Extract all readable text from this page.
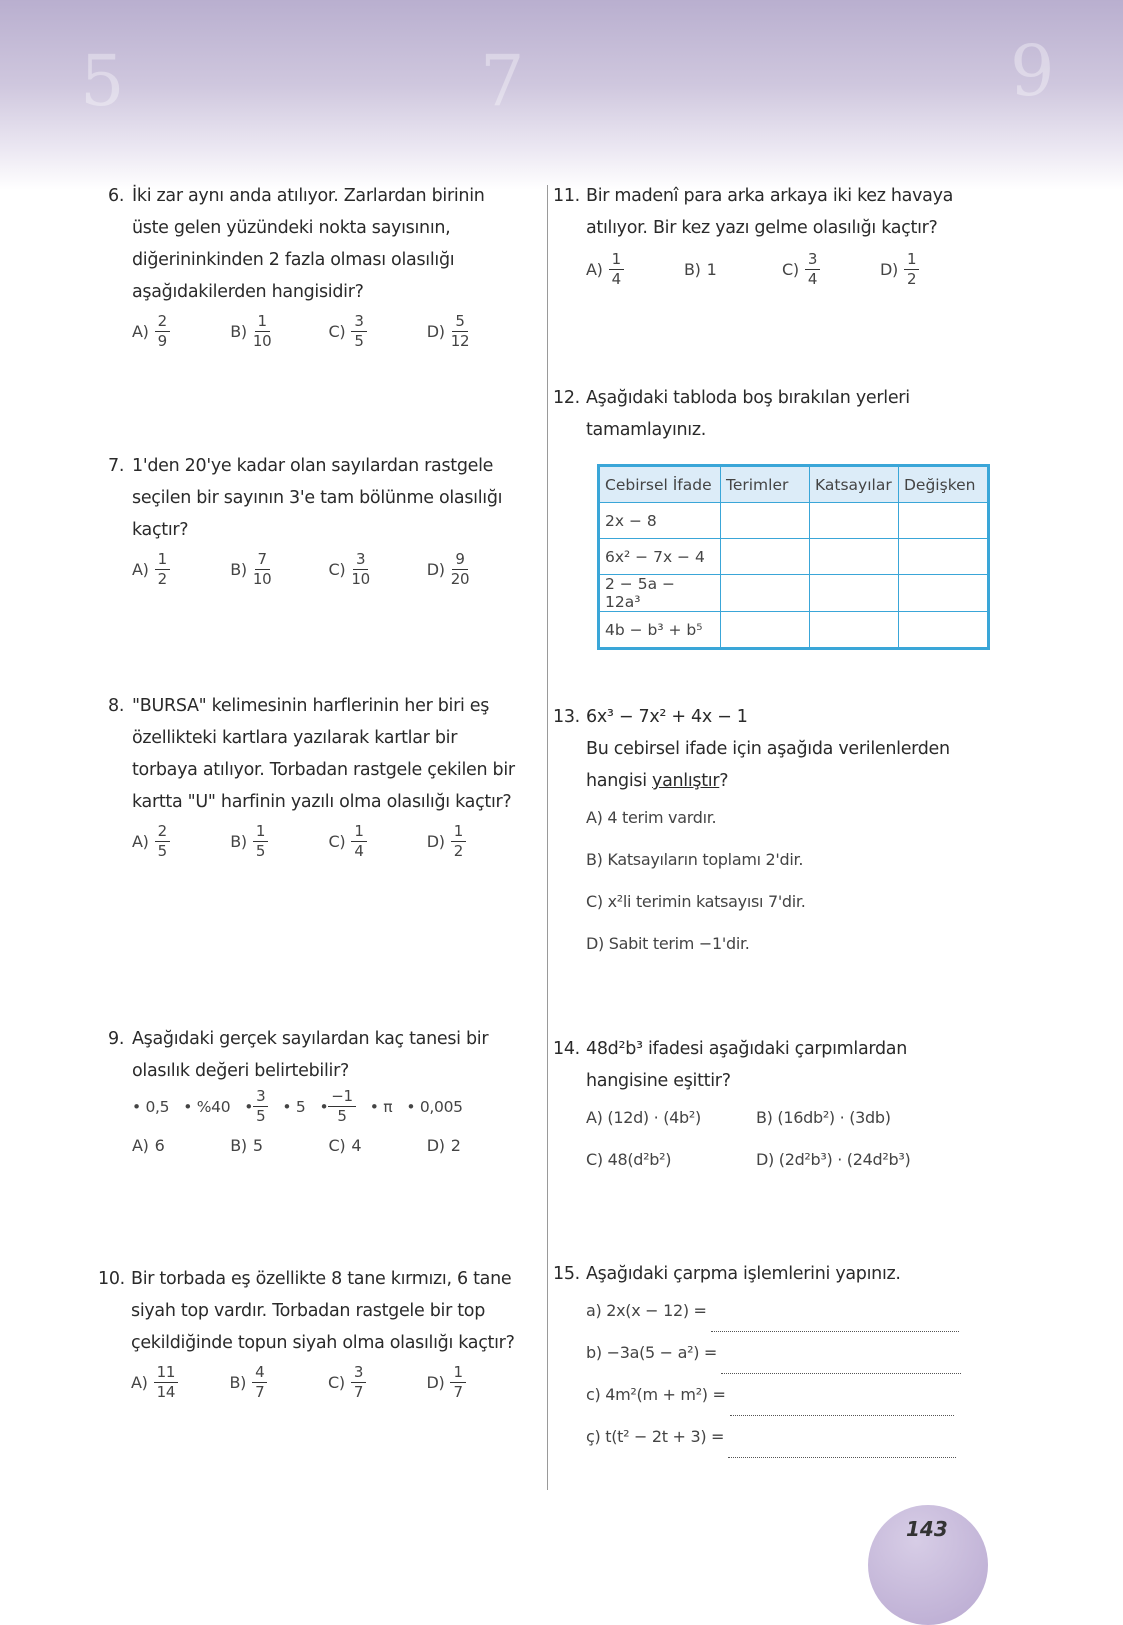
5	7	9
6. İki zar aynı anda atılıyor. Zarlardan birinin üste gelen yüzündeki nokta sayısının, diğerininkinden 2 fazla olması olasılığı aşağıdakilerden hangisidir?
$A) \frac{2}{9}$	$B) \frac{1}{10}$	$C) \frac{3}{5}$	$D) \frac{5}{12}$
7. 1'den 20'ye kadar olan sayılardan rastgele seçilen bir sayının 3'e tam bölünme olasılığı kaçtır?
$A) \frac{1}{2}$	$B) \frac{7}{10}$	$C) \frac{3}{10}$	$D) \frac{9}{20}$
8. "BURSA" kelimesinin harflerinin her biri eş özellikteki kartlara yazılarak kartlar bir torbaya atılıyor. Torbadan rastgele çekilen bir kartta "U" harfinin yazılı olma olasılığı kaçtır?
$A) \frac{2}{5}$	$B) \frac{1}{5}$	$C) \frac{1}{4}$	$D) \frac{1}{2}$
9. Aşağıdaki gerçek sayılardan kaç tanesi bir olasılık değeri belirtebilir?
• 0,5 • %40 • $\frac{3}{5}$ • 5 • $\frac{-1}{5}$ • π • 0,005
A) 6	B) 5	C) 4	D) 2
10. Bir torbada eş özellikte 8 tane kırmızı, 6 tane siyah top vardır. Torbadan rastgele bir top çekildiğinde topun siyah olma olasılığı kaçtır?
$A) \frac{11}{14}$	$B) \frac{4}{7}$	$C) \frac{3}{7}$	$D) \frac{1}{7}$
11. Bir madenî para arka arkaya iki kez havaya atılıyor. Bir kez yazı gelme olasılığı kaçtır?
$A) \frac{1}{4}$	B) 1	$C) \frac{3}{4}$	$D) \frac{1}{2}$
12. Aşağıdaki tabloda boş bırakılan yerleri tamamlayınız.
Cebirsel İfade	Terimler	Katsayılar	Değişken
2x − 8			
6x² − 7x − 4			
2 − 5a − 12a³			
4b − b³ + b⁵			
13. 6x³ − 7x² + 4x − 1
Bu cebirsel ifade için aşağıda verilenlerden hangisi yanlıştır?
A) 4 terim vardır.
B) Katsayıların toplamı 2'dir.
C) x²li terimin katsayısı 7'dir.
D) Sabit terim −1'dir.
14. 48d²b³ ifadesi aşağıdaki çarpımlardan hangisine eşittir?
A) (12d) · (4b²)	B) (16db²) · (3db)
C) 48(d²b²)	D) (2d²b³) · (24d²b³)
15. Aşağıdaki çarpma işlemlerini yapınız.
a) 2x(x − 12) =
b) −3a(5 − a²) =
c) 4m²(m + m²) =
ç) t(t² − 2t + 3) =
143
